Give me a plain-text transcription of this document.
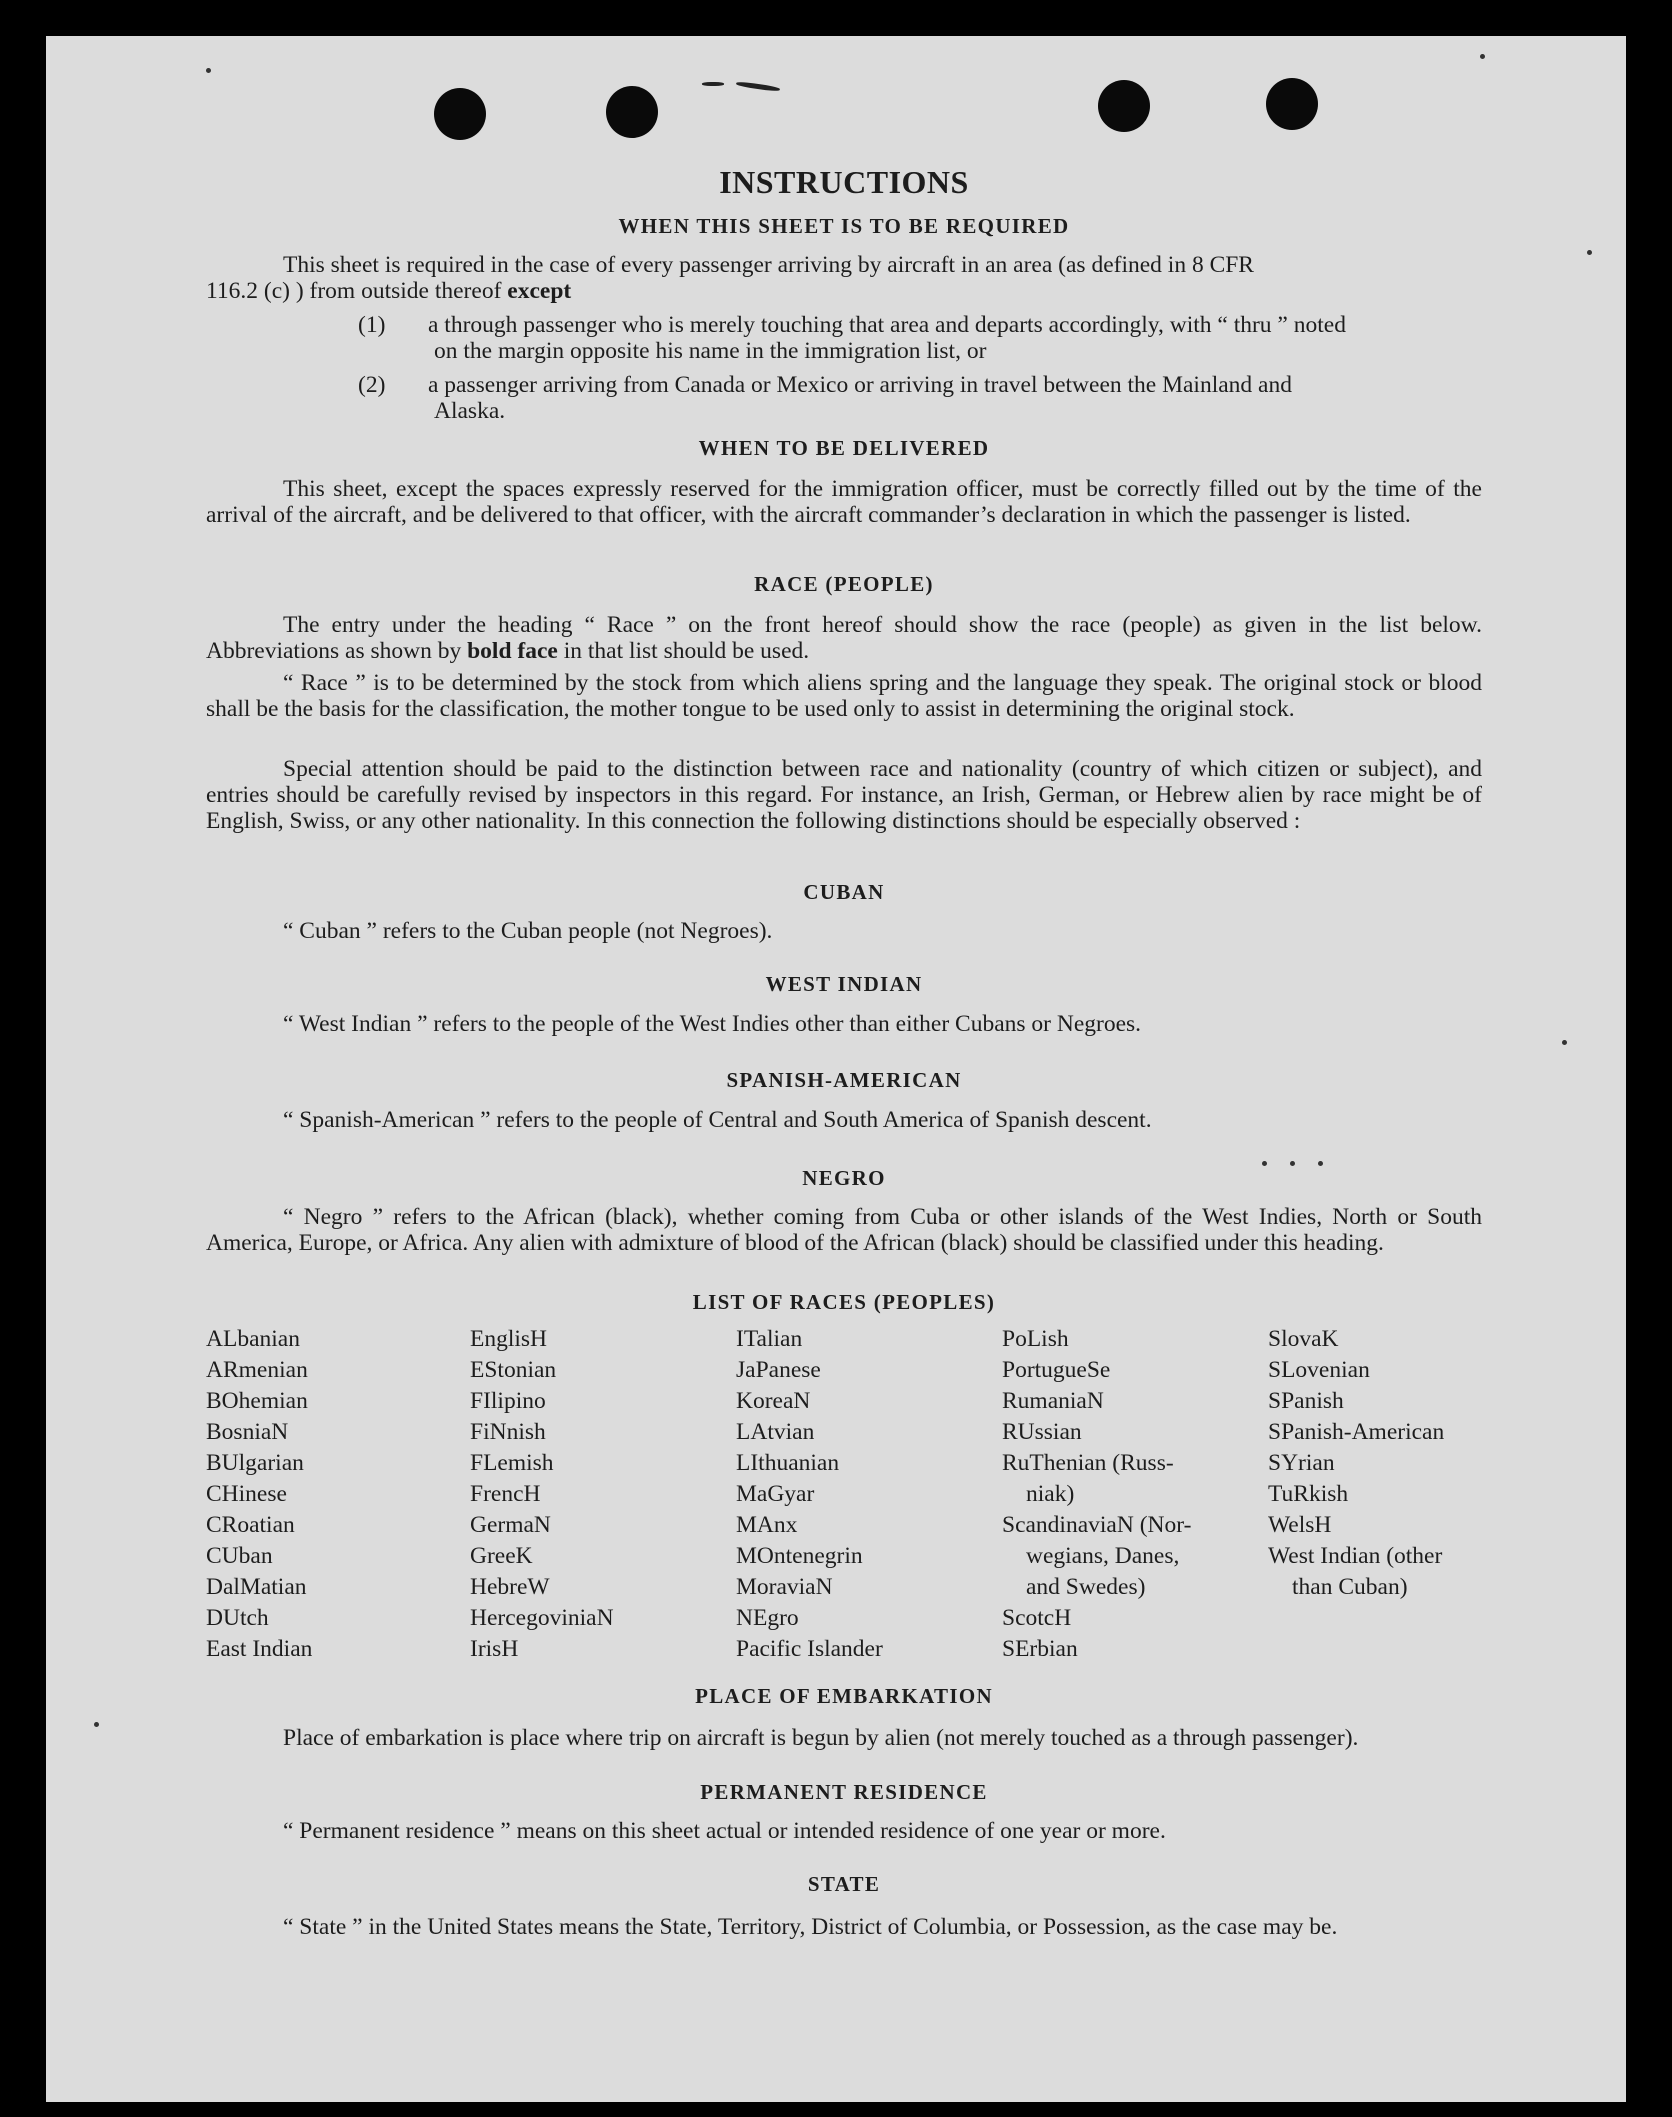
INSTRUCTIONS
WHEN THIS SHEET IS TO BE REQUIRED
This sheet is required in the case of every passenger arriving by aircraft in an area (as defined in 8 CFR
116.2 (c) ) from outside thereof except
(1) a through passenger who is merely touching that area and departs accordingly, with “ thru ” noted
on the margin opposite his name in the immigration list, or
(2) a passenger arriving from Canada or Mexico or arriving in travel between the Mainland and
Alaska.
WHEN TO BE DELIVERED
This sheet, except the spaces expressly reserved for the immigration officer, must be correctly filled out by the time of the arrival of the aircraft, and be delivered to that officer, with the aircraft commander’s declaration in which the passenger is listed.
RACE (PEOPLE)
The entry under the heading “ Race ” on the front hereof should show the race (people) as given in the list below. Abbreviations as shown by bold face in that list should be used.
“ Race ” is to be determined by the stock from which aliens spring and the language they speak. The original stock or blood shall be the basis for the classification, the mother tongue to be used only to assist in determining the original stock.
Special attention should be paid to the distinction between race and nationality (country of which citizen or subject), and entries should be carefully revised by inspectors in this regard. For instance, an Irish, German, or Hebrew alien by race might be of English, Swiss, or any other nationality. In this connection the following distinctions should be especially observed :
CUBAN
“ Cuban ” refers to the Cuban people (not Negroes).
WEST INDIAN
“ West Indian ” refers to the people of the West Indies other than either Cubans or Negroes.
SPANISH-AMERICAN
“ Spanish-American ” refers to the people of Central and South America of Spanish descent.
NEGRO
“ Negro ” refers to the African (black), whether coming from Cuba or other islands of the West Indies, North or South America, Europe, or Africa. Any alien with admixture of blood of the African (black) should be classified under this heading.
LIST OF RACES (PEOPLES)
ALbanian
ARmenian
BOhemian
BosniaN
BUlgarian
CHinese
CRoatian
CUban
DalMatian
DUtch
East Indian
EnglisH
EStonian
FIlipino
FiNnish
FLemish
FrencH
GermaN
GreeK
HebreW
HercegoviniaN
IrisH
ITalian
JaPanese
KoreaN
LAtvian
LIthuanian
MaGyar
MAnx
MOntenegrin
MoraviaN
NEgro
Pacific Islander
PoLish
PortugueSe
RumaniaN
RUssian
RuThenian (Russ-
niak)
ScandinaviaN (Nor-
wegians, Danes,
and Swedes)
ScotcH
SErbian
SlovaK
SLovenian
SPanish
SPanish-American
SYrian
TuRkish
WelsH
West Indian (other
than Cuban)
PLACE OF EMBARKATION
Place of embarkation is place where trip on aircraft is begun by alien (not merely touched as a through passenger).
PERMANENT RESIDENCE
“ Permanent residence ” means on this sheet actual or intended residence of one year or more.
STATE
“ State ” in the United States means the State, Territory, District of Columbia, or Possession, as the case may be.
